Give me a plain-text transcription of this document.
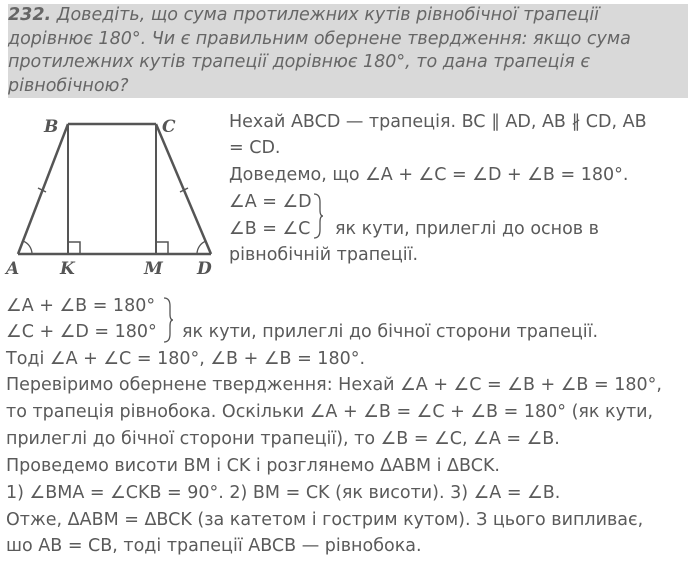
232. Доведіть, що сума протилежних кутів рівнобічної трапеції
дорівнює 180°. Чи є правильним обернене твердження: якщо сума
протилежних кутів трапеції дорівнює 180°, то дана трапеція є
рівнобічною?
B	C
A K	M D
Нехай ABCD — трапеція. BC ∥ AD, AB ∦ CD, AB
= CD.
Доведемо, що ∠A + ∠C = ∠D + ∠B = 180°.
∠A = ∠D
∠B = ∠C як кути, прилеглі до основ в
рівнобічній трапеції.
∠A + ∠B = 180°
∠C + ∠D = 180° як кути, прилеглі до бічної сторони трапеції.
Тоді ∠A + ∠C = 180°, ∠B + ∠B = 180°.
Перевіримо обернене твердження: Нехай ∠A + ∠C = ∠B + ∠B = 180°,
то трапеція рівнобока. Оскільки ∠A + ∠B = ∠C + ∠B = 180° (як кути,
прилеглі до бічної сторони трапеції), то ∠B = ∠C, ∠A = ∠B.
Проведемо висоти BM і CK і розглянемо ΔABM і ΔBCK.
1) ∠BMA = ∠CKB = 90°. 2) BM = CK (як висоти). 3) ∠A = ∠B.
Отже, ΔABM = ΔBCK (за катетом і гострим кутом). З цього випливає,
шо AB = CB, тоді трапеції ABCB — рівнобока.
